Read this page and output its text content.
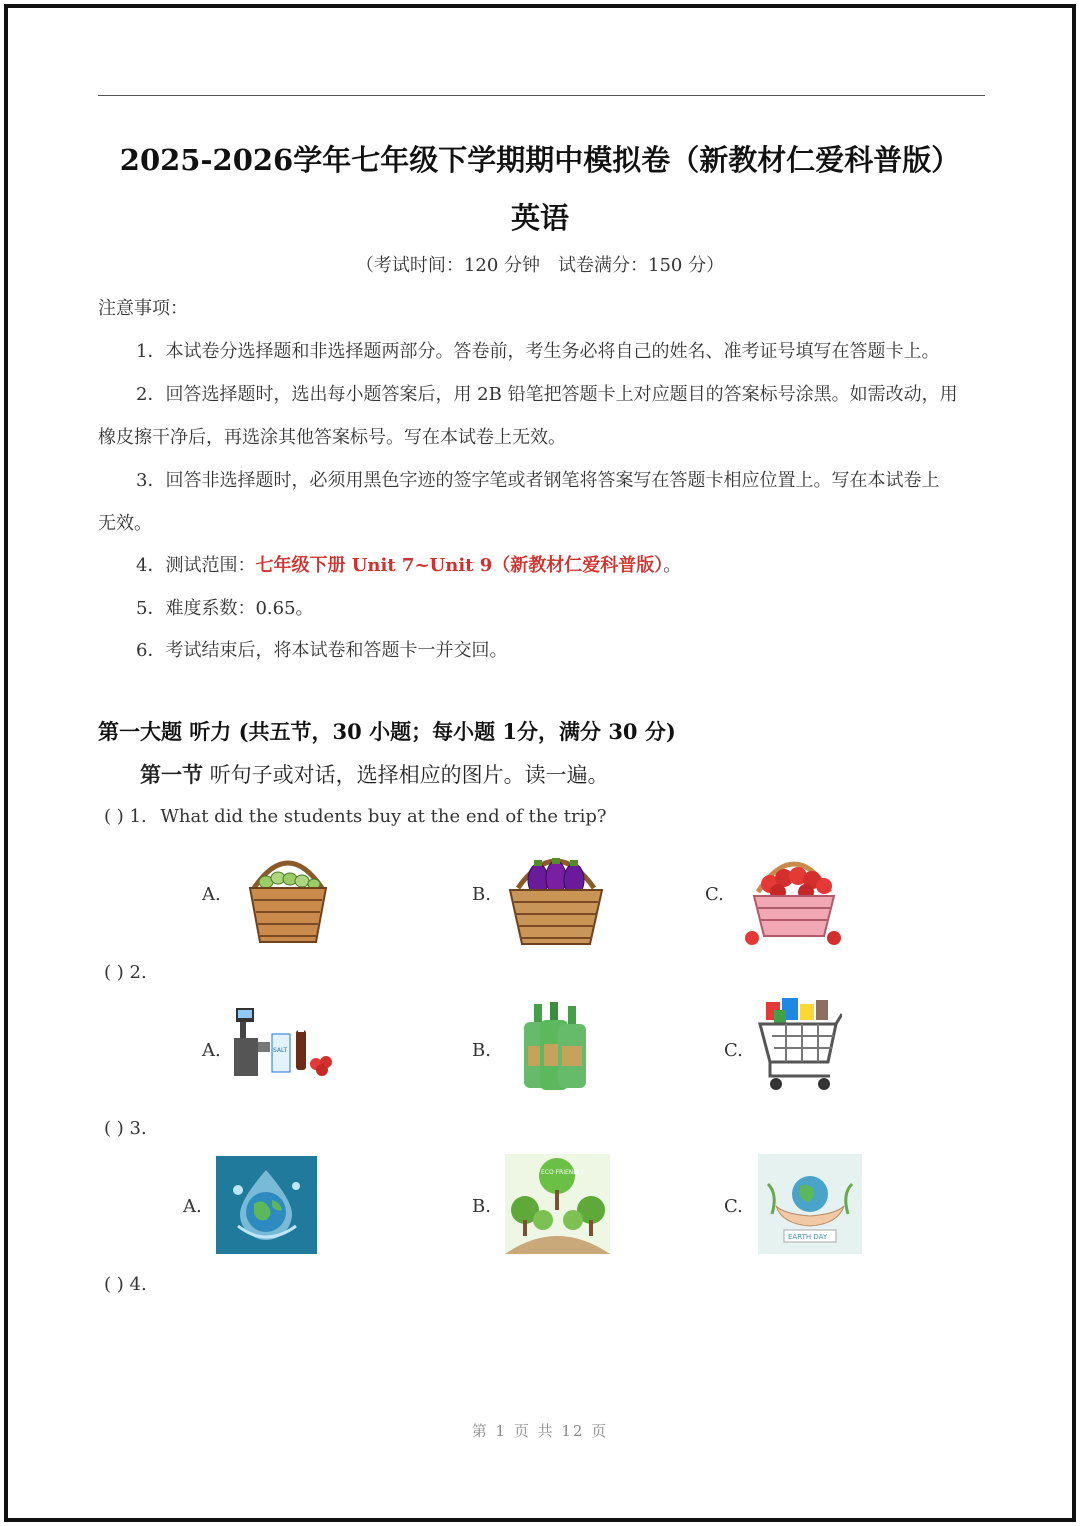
2025-2026学年七年级下学期期中模拟卷（新教材仁爱科普版）
英语
（考试时间：120 分钟　试卷满分：150 分）
注意事项：
1．本试卷分选择题和非选择题两部分。答卷前，考生务必将自己的姓名、准考证号填写在答题卡上。
2．回答选择题时，选出每小题答案后，用 2B 铅笔把答题卡上对应题目的答案标号涂黑。如需改动，用
橡皮擦干净后，再选涂其他答案标号。写在本试卷上无效。
3．回答非选择题时，必须用黑色字迹的签字笔或者钢笔将答案写在答题卡相应位置上。写在本试卷上
无效。
4．测试范围：七年级下册 Unit 7~Unit 9（新教材仁爱科普版）。
5．难度系数：0.65。
6．考试结束后，将本试卷和答题卡一并交回。
第一大题 听力 (共五节，30 小题；每小题 1分，满分 30 分)
第一节 听句子或对话，选择相应的图片。读一遍。
( ) 1. What did the students buy at the end of the trip?
A.	B.	C.
( ) 2.
A.	B.	C.
SALT
( ) 3.
A.	B.	C.
ECO FRIENDLY
EARTH DAY
( ) 4.
第 1 页 共 12 页
